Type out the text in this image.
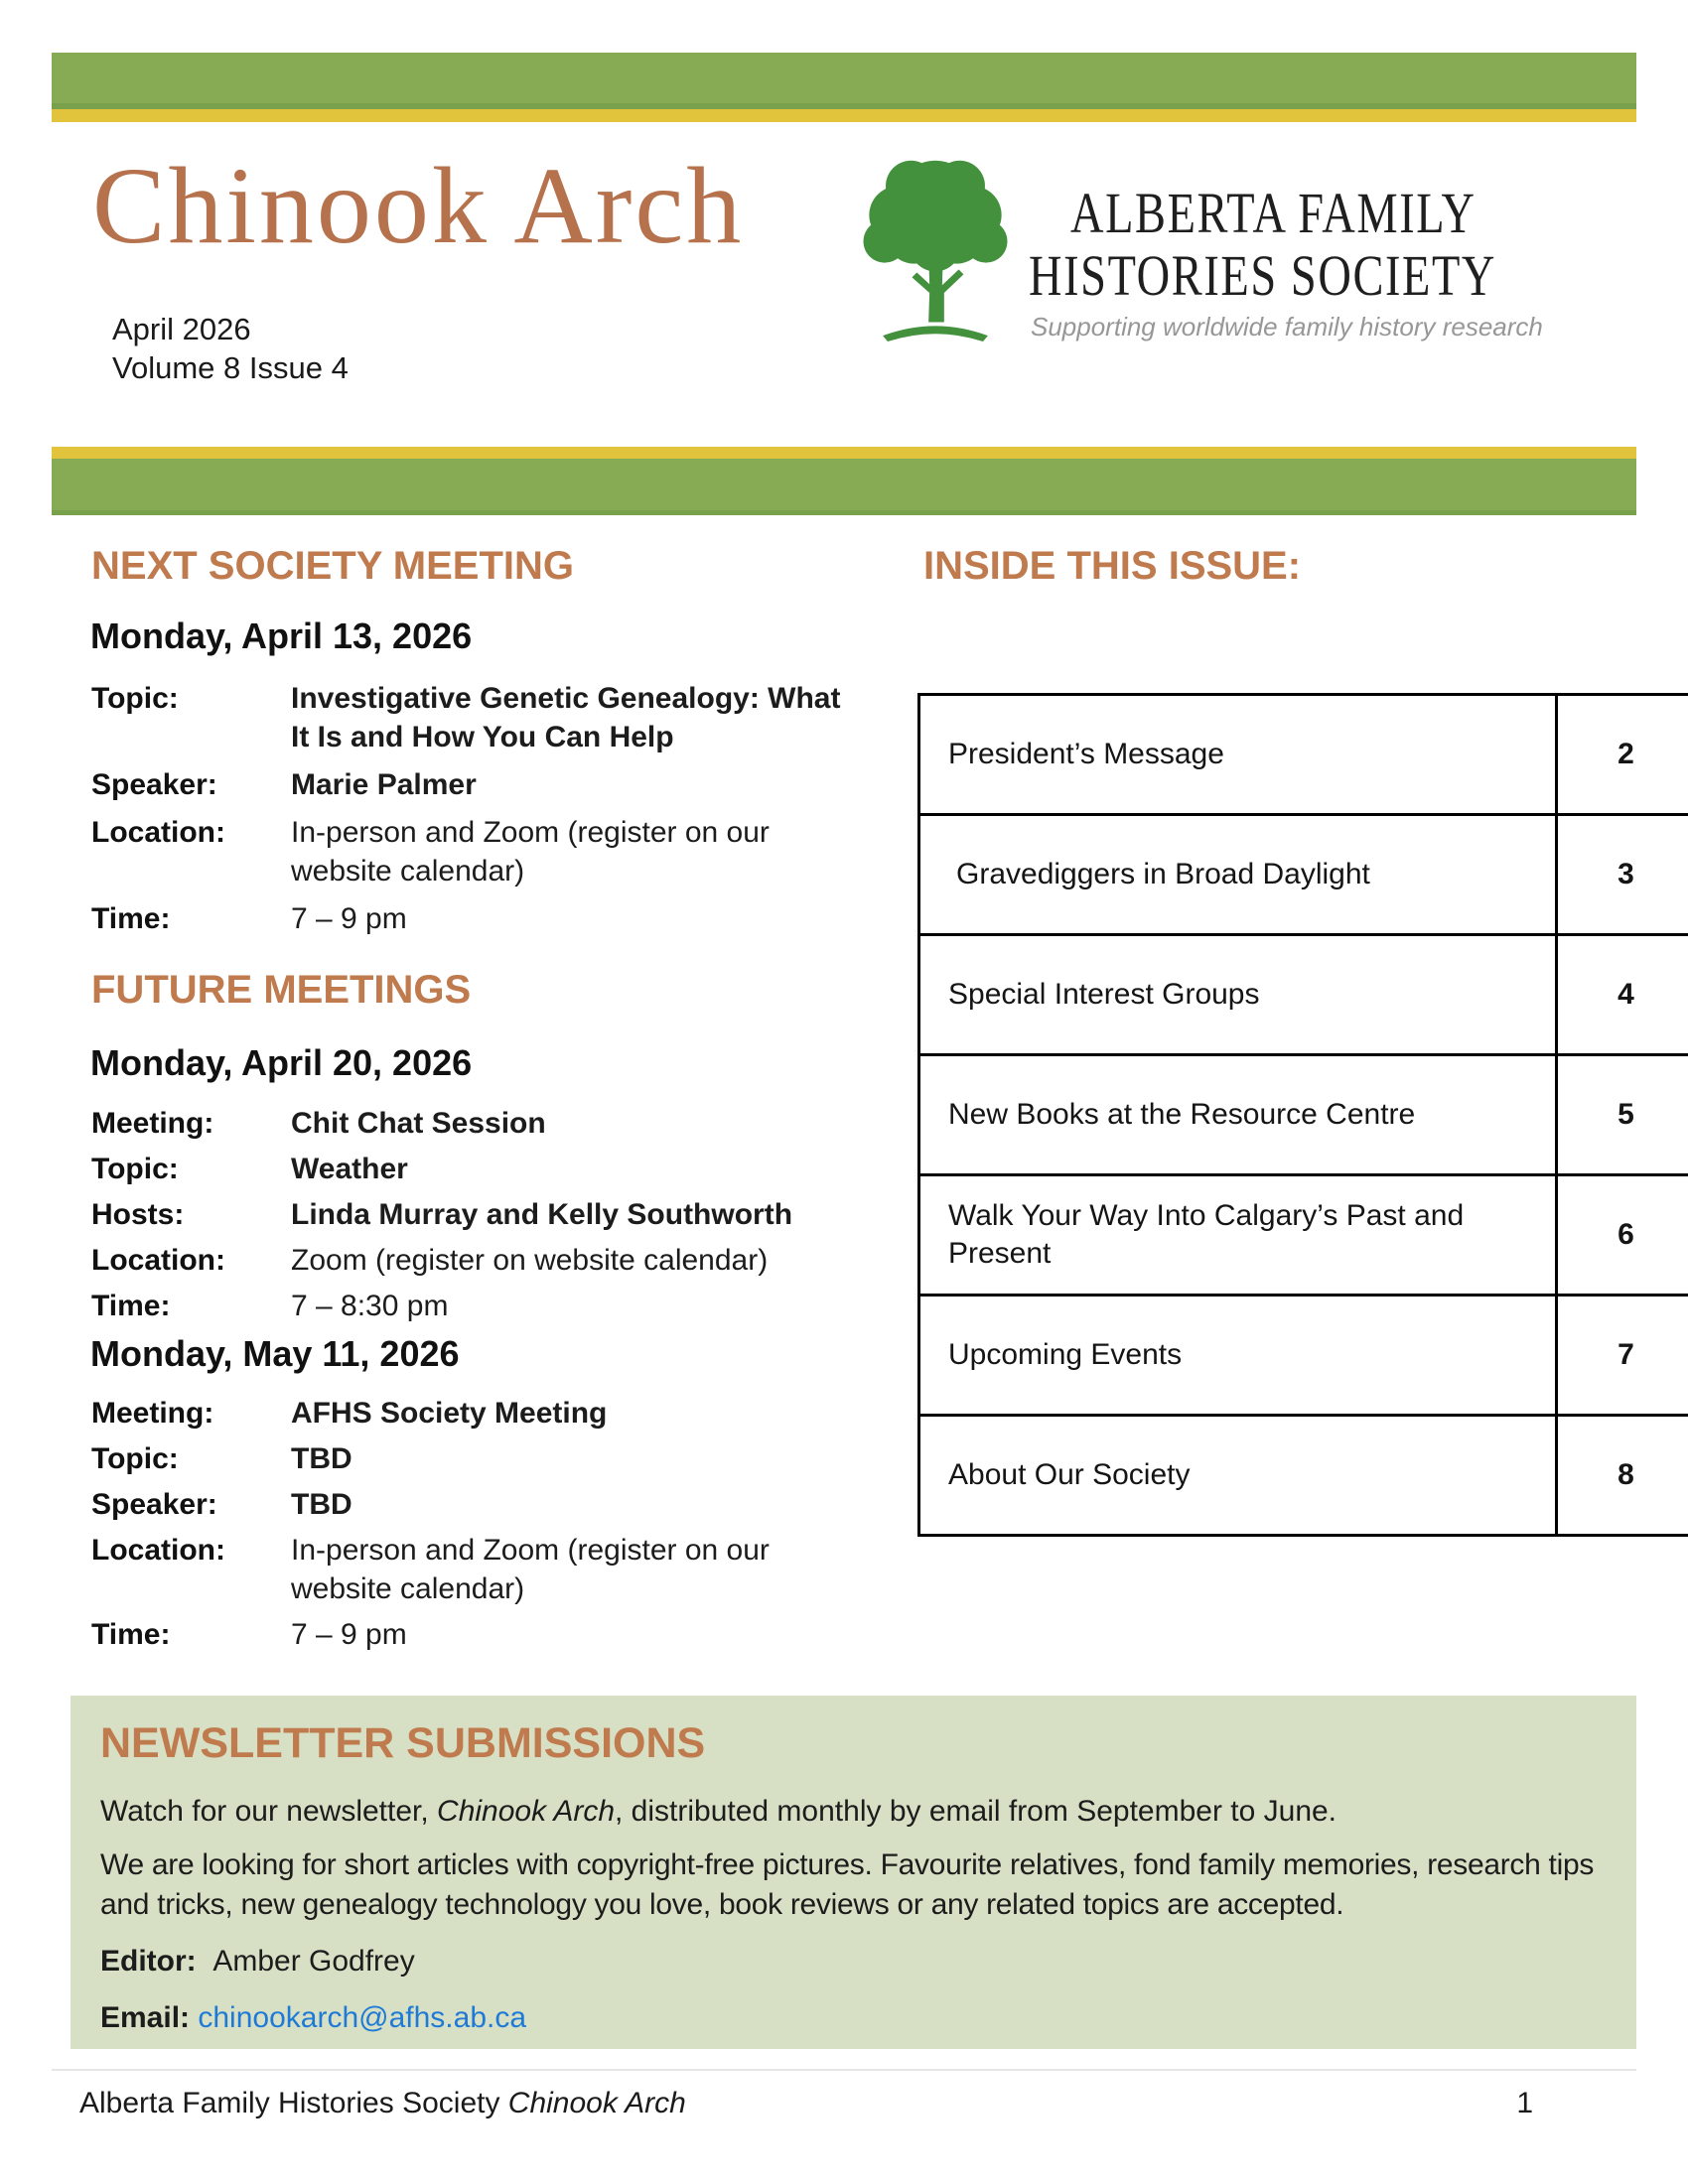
Chinook Arch
April 2026
Volume 8 Issue 4
ALBERTA FAMILY
HISTORIES SOCIETY
Supporting worldwide family history research
NEXT SOCIETY MEETING
Monday, April 13, 2026
Topic:	Investigative Genetic Genealogy: What It Is and How You Can Help
Speaker:	Marie Palmer
Location:	In-person and Zoom (register on our website calendar)
Time:	7 – 9 pm
FUTURE MEETINGS
Monday, April 20, 2026
Meeting:	Chit Chat Session
Topic:	Weather
Hosts:	Linda Murray and Kelly Southworth
Location:	Zoom (register on website calendar)
Time:	7 – 8:30 pm
Monday, May 11, 2026
Meeting:	AFHS Society Meeting
Topic:	TBD
Speaker:	TBD
Location:	In-person and Zoom (register on our website calendar)
Time:	7 – 9 pm
INSIDE THIS ISSUE:
President’s Message	2
Gravediggers in Broad Daylight	3
Special Interest Groups	4
New Books at the Resource Centre	5
Walk Your Way Into Calgary’s Past and Present	6
Upcoming Events	7
About Our Society	8
NEWSLETTER SUBMISSIONS

Watch for our newsletter, Chinook Arch, distributed monthly by email from September to June.

We are looking for short articles with copyright-free pictures. Favourite relatives, fond family memories, research tips and tricks, new genealogy technology you love, book reviews or any related topics are accepted.

Editor: Amber Godfrey

Email: chinookarch@afhs.ab.ca

Alberta Family Histories Society Chinook Arch	1
